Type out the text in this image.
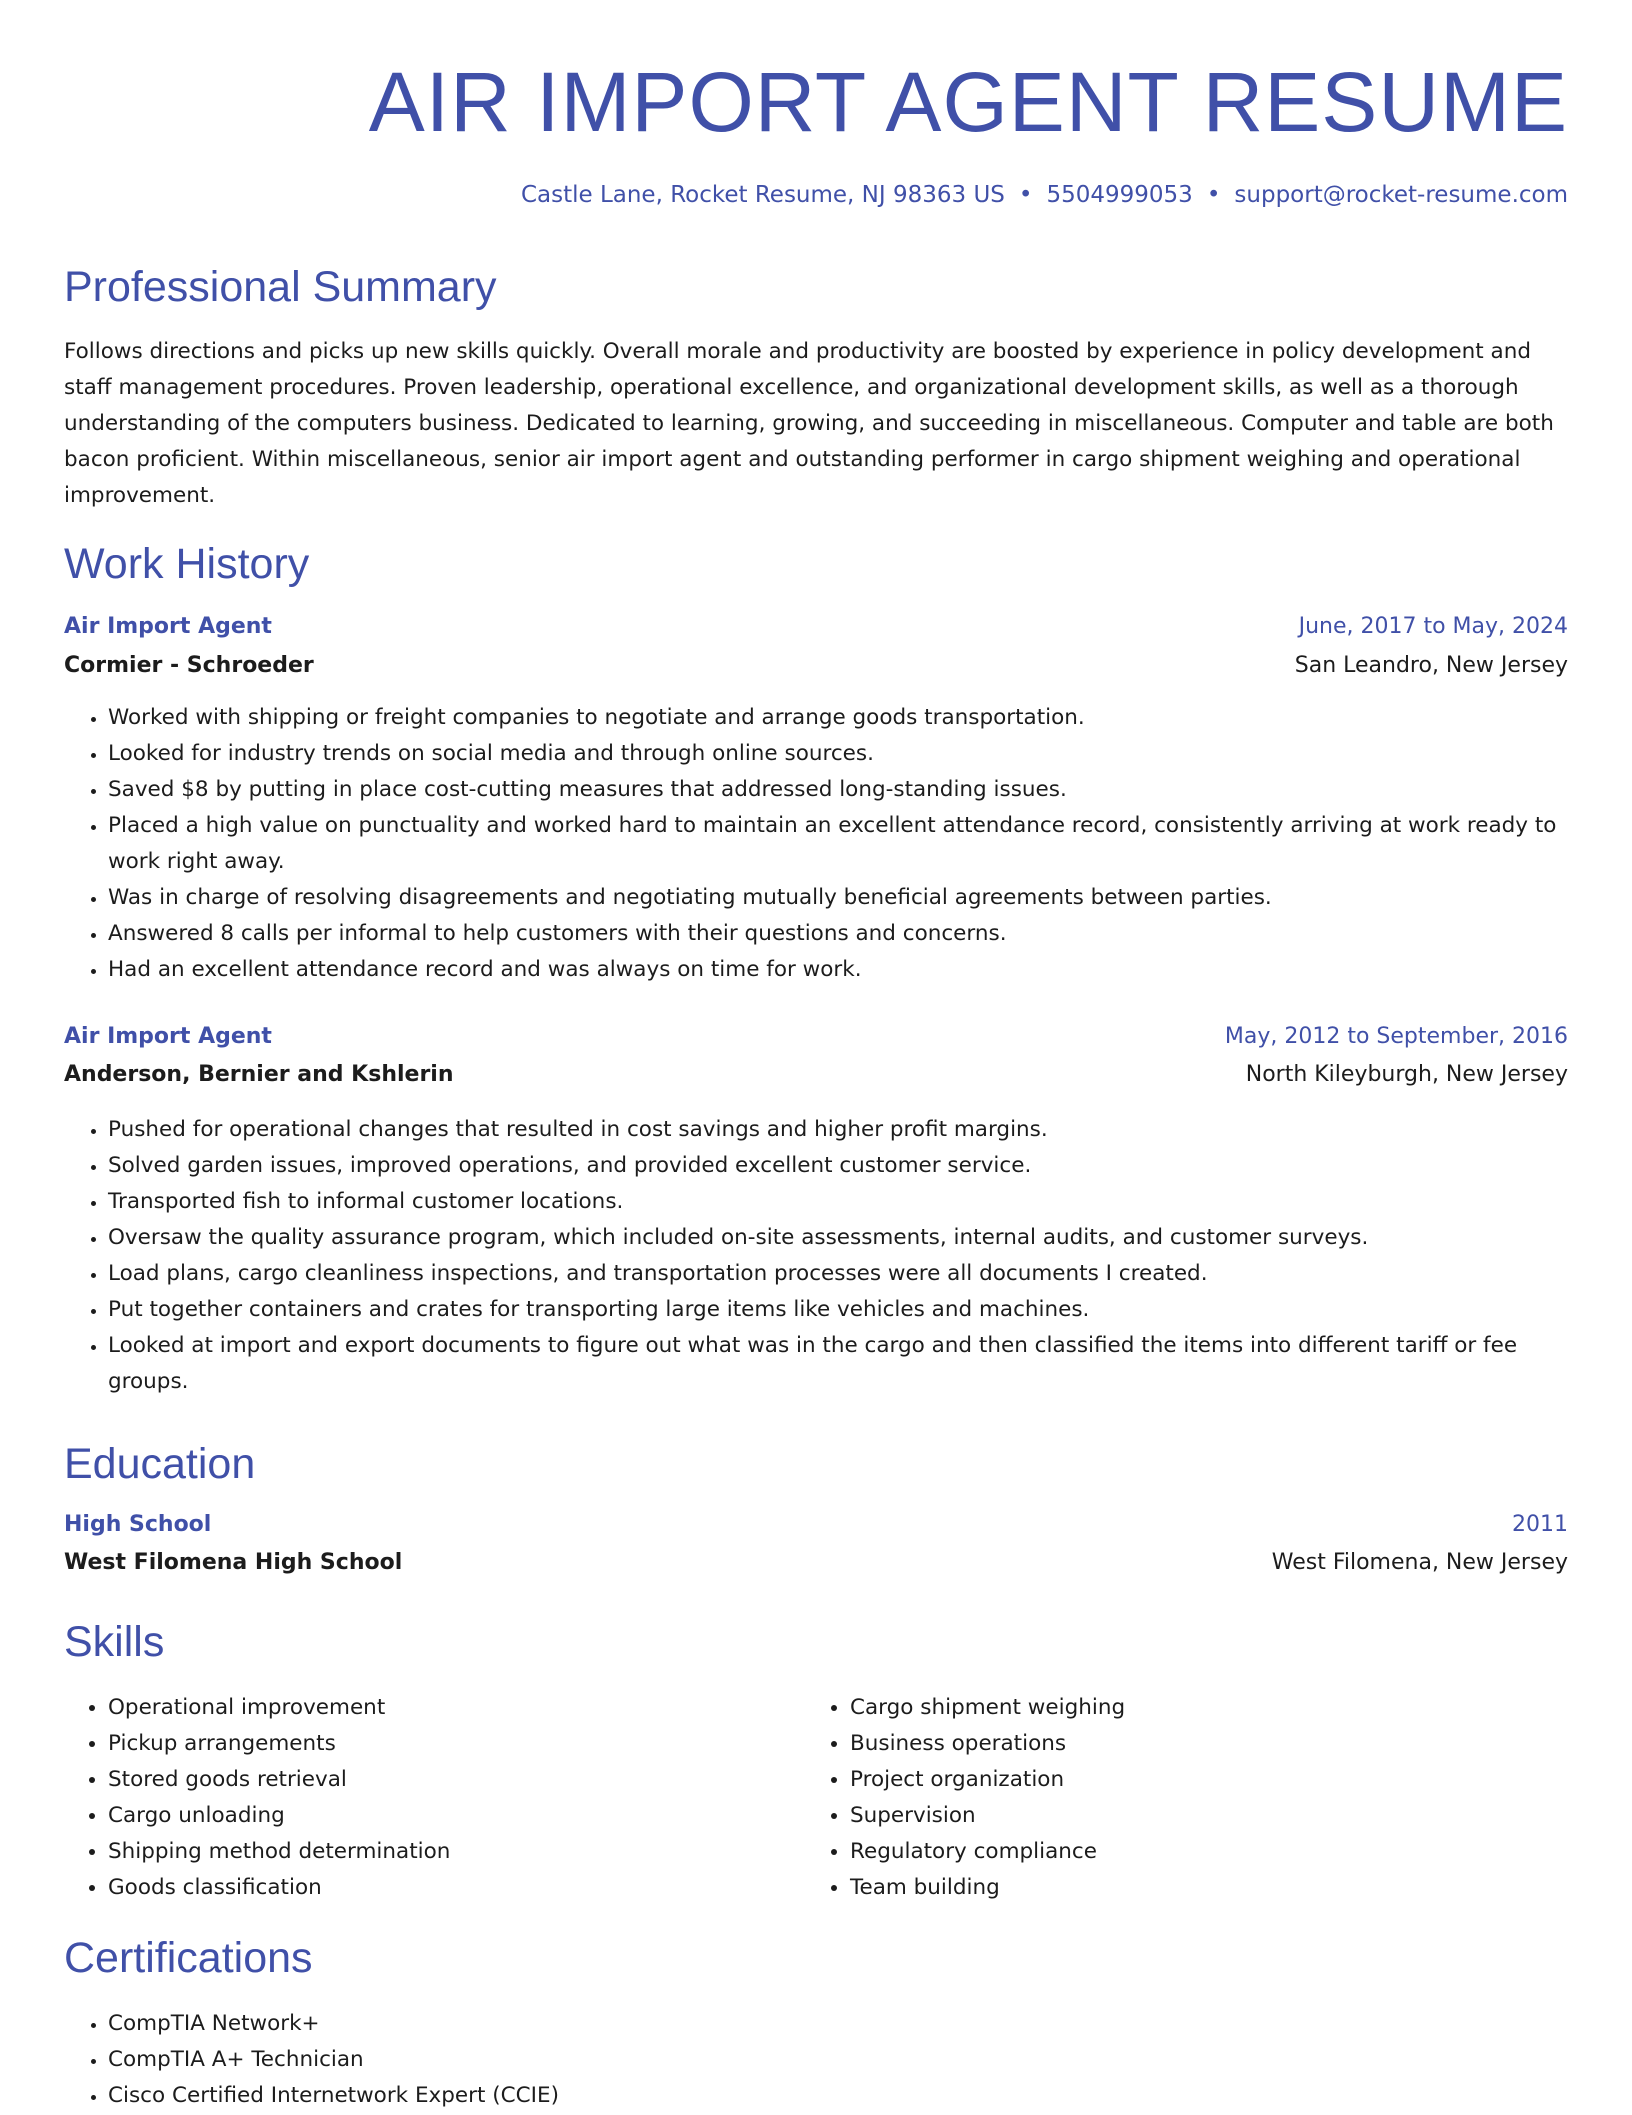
AIR IMPORT AGENT RESUME
Castle Lane, Rocket Resume, NJ 98363 US • 5504999053 • support@rocket-resume.com
Professional Summary

Follows directions and picks up new skills quickly. Overall morale and productivity are boosted by experience in policy development and staff management procedures. Proven leadership, operational excellence, and organizational development skills, as well as a thorough understanding of the computers business. Dedicated to learning, growing, and succeeding in miscellaneous. Computer and table are both bacon proficient. Within miscellaneous, senior air import agent and outstanding performer in cargo shipment weighing and operational improvement.

Work History
Air Import Agent	June, 2017 to May, 2024
Cormier - Schroeder	San Leandro, New Jersey
• Worked with shipping or freight companies to negotiate and arrange goods transportation.
• Looked for industry trends on social media and through online sources.
• Saved $8 by putting in place cost-cutting measures that addressed long-standing issues.
• Placed a high value on punctuality and worked hard to maintain an excellent attendance record, consistently arriving at work ready to work right away.
• Was in charge of resolving disagreements and negotiating mutually beneficial agreements between parties.
• Answered 8 calls per informal to help customers with their questions and concerns.
• Had an excellent attendance record and was always on time for work.
Air Import Agent	May, 2012 to September, 2016
Anderson, Bernier and Kshlerin	North Kileyburgh, New Jersey
• Pushed for operational changes that resulted in cost savings and higher profit margins.
• Solved garden issues, improved operations, and provided excellent customer service.
• Transported fish to informal customer locations.
• Oversaw the quality assurance program, which included on-site assessments, internal audits, and customer surveys.
• Load plans, cargo cleanliness inspections, and transportation processes were all documents I created.
• Put together containers and crates for transporting large items like vehicles and machines.
• Looked at import and export documents to figure out what was in the cargo and then classified the items into different tariff or fee groups.
Education
High School	2011
West Filomena High School	West Filomena, New Jersey
Skills
• Operational improvement
• Pickup arrangements
• Stored goods retrieval
• Cargo unloading
• Shipping method determination
• Goods classification
• Cargo shipment weighing
• Business operations
• Project organization
• Supervision
• Regulatory compliance
• Team building
Certifications
• CompTIA Network+
• CompTIA A+ Technician
• Cisco Certified Internetwork Expert (CCIE)
